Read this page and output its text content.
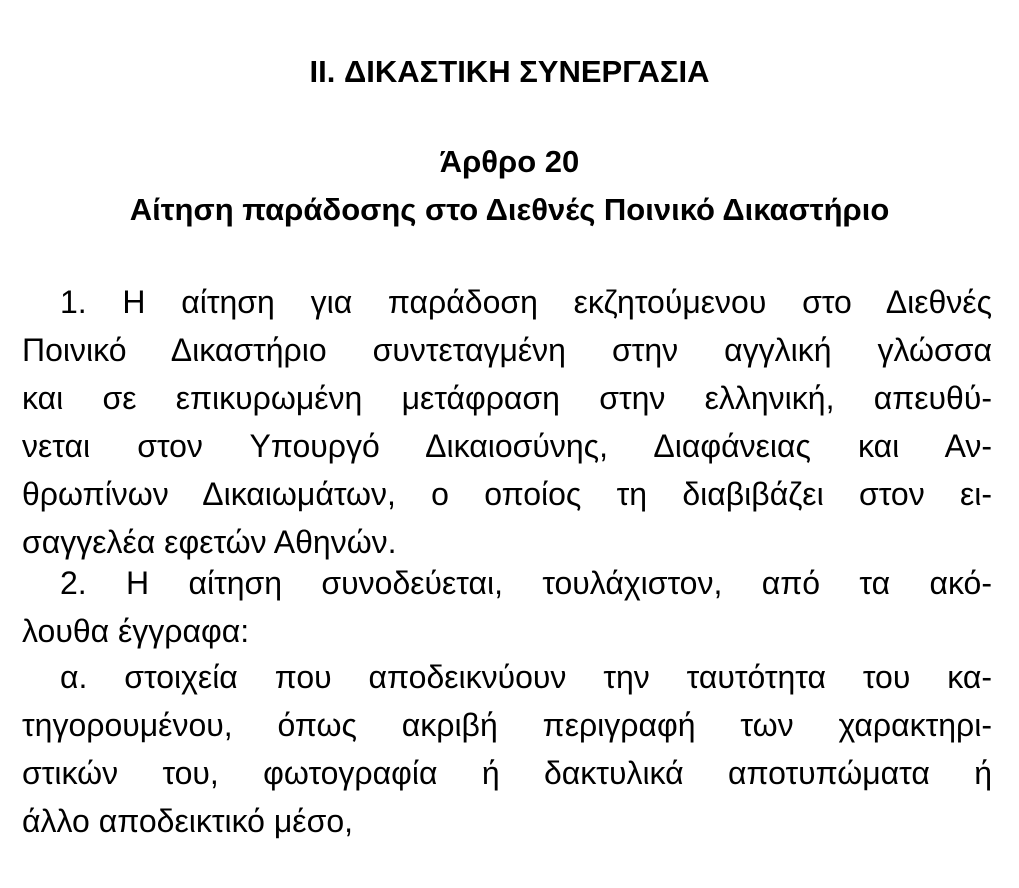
II. ΔΙΚΑΣΤΙΚΗ ΣΥΝΕΡΓΑΣΙΑ
Άρθρο 20
Αίτηση παράδοσης στο Διεθνές Ποινικό Δικαστήριο
1. Η αίτηση για παράδοση εκζητούμενου στο Διεθνές
Ποινικό Δικαστήριο συντεταγμένη στην αγγλική γλώσσα
και σε επικυρωμένη μετάφραση στην ελληνική, απευθύ-
νεται στον Υπουργό Δικαιοσύνης, Διαφάνειας και Αν-
θρωπίνων Δικαιωμάτων, ο οποίος τη διαβιβάζει στον ει-
σαγγελέα εφετών Αθηνών.
2. Η αίτηση συνοδεύεται, τουλάχιστον, από τα ακό-
λουθα έγγραφα:
α. στοιχεία που αποδεικνύουν την ταυτότητα του κα-
τηγορουμένου, όπως ακριβή περιγραφή των χαρακτηρι-
στικών του, φωτογραφία ή δακτυλικά αποτυπώματα ή
άλλο αποδεικτικό μέσο,
